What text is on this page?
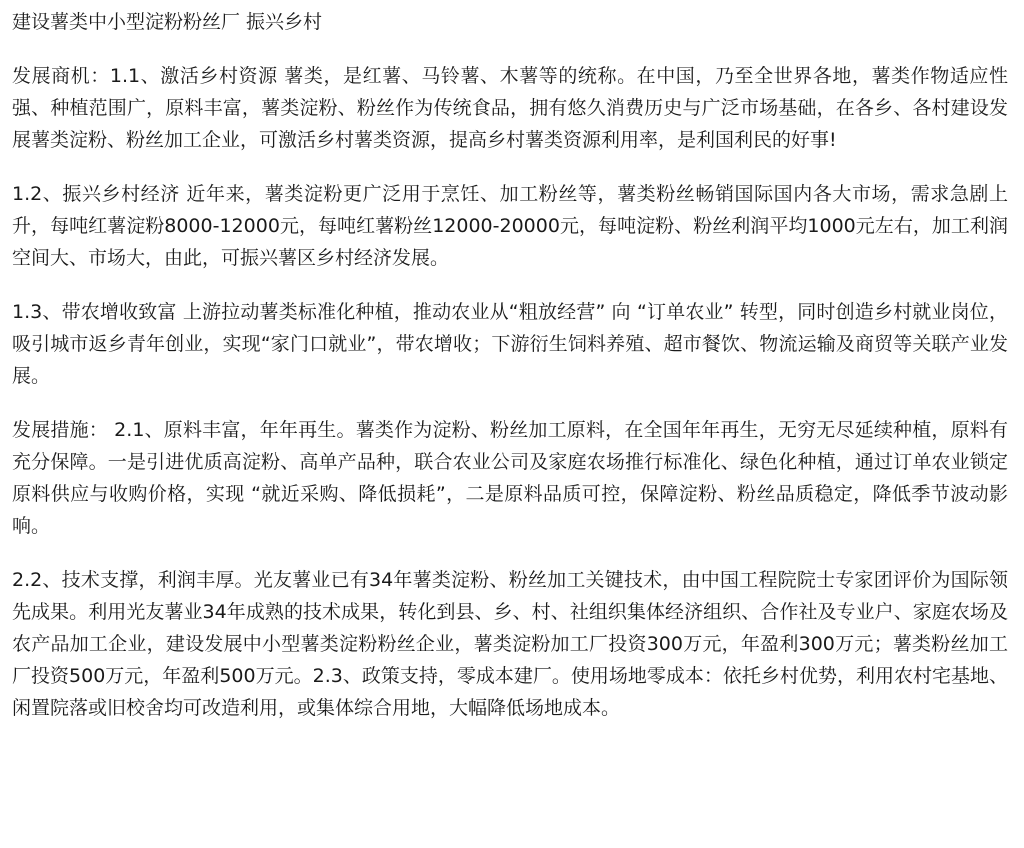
建设薯类中小型淀粉粉丝厂 振兴乡村

发展商机：1.1、激活乡村资源 薯类，是红薯、马铃薯、木薯等的统称。在中国，乃至全世界各地，薯类作物适应性强、种植范围广，原料丰富，薯类淀粉、粉丝作为传统食品，拥有悠久消费历史与广泛市场基础，在各乡、各村建设发展薯类淀粉、粉丝加工企业，可激活乡村薯类资源，提高乡村薯类资源利用率，是利国利民的好事!

1.2、振兴乡村经济 近年来，薯类淀粉更广泛用于烹饪、加工粉丝等，薯类粉丝畅销国际国内各大市场，需求急剧上升，每吨红薯淀粉8000-12000元，每吨红薯粉丝12000-20000元，每吨淀粉、粉丝利润平均1000元左右，加工利润空间大、市场大，由此，可振兴薯区乡村经济发展。

1.3、带农增收致富 上游拉动薯类标准化种植，推动农业从“粗放经营” 向 “订单农业” 转型，同时创造乡村就业岗位，吸引城市返乡青年创业，实现“家门口就业”，带农增收；下游衍生饲料养殖、超市餐饮、物流运输及商贸等关联产业发展。

发展措施： 2.1、原料丰富，年年再生。薯类作为淀粉、粉丝加工原料，在全国年年再生，无穷无尽延续种植，原料有充分保障。一是引进优质高淀粉、高单产品种，联合农业公司及家庭农场推行标准化、绿色化种植，通过订单农业锁定原料供应与收购价格，实现 “就近采购、降低损耗”，二是原料品质可控，保障淀粉、粉丝品质稳定，降低季节波动影响。

2.2、技术支撑，利润丰厚。光友薯业已有34年薯类淀粉、粉丝加工关键技术，由中国工程院院士专家团评价为国际领先成果。利用光友薯业34年成熟的技术成果，转化到县、乡、村、社组织集体经济组织、合作社及专业户、家庭农场及农产品加工企业，建设发展中小型薯类淀粉粉丝企业，薯类淀粉加工厂投资300万元，年盈利300万元；薯类粉丝加工厂投资500万元，年盈利500万元。2.3、政策支持，零成本建厂。使用场地零成本：依托乡村优势，利用农村宅基地、闲置院落或旧校舍均可改造利用，或集体综合用地，大幅降低场地成本。
